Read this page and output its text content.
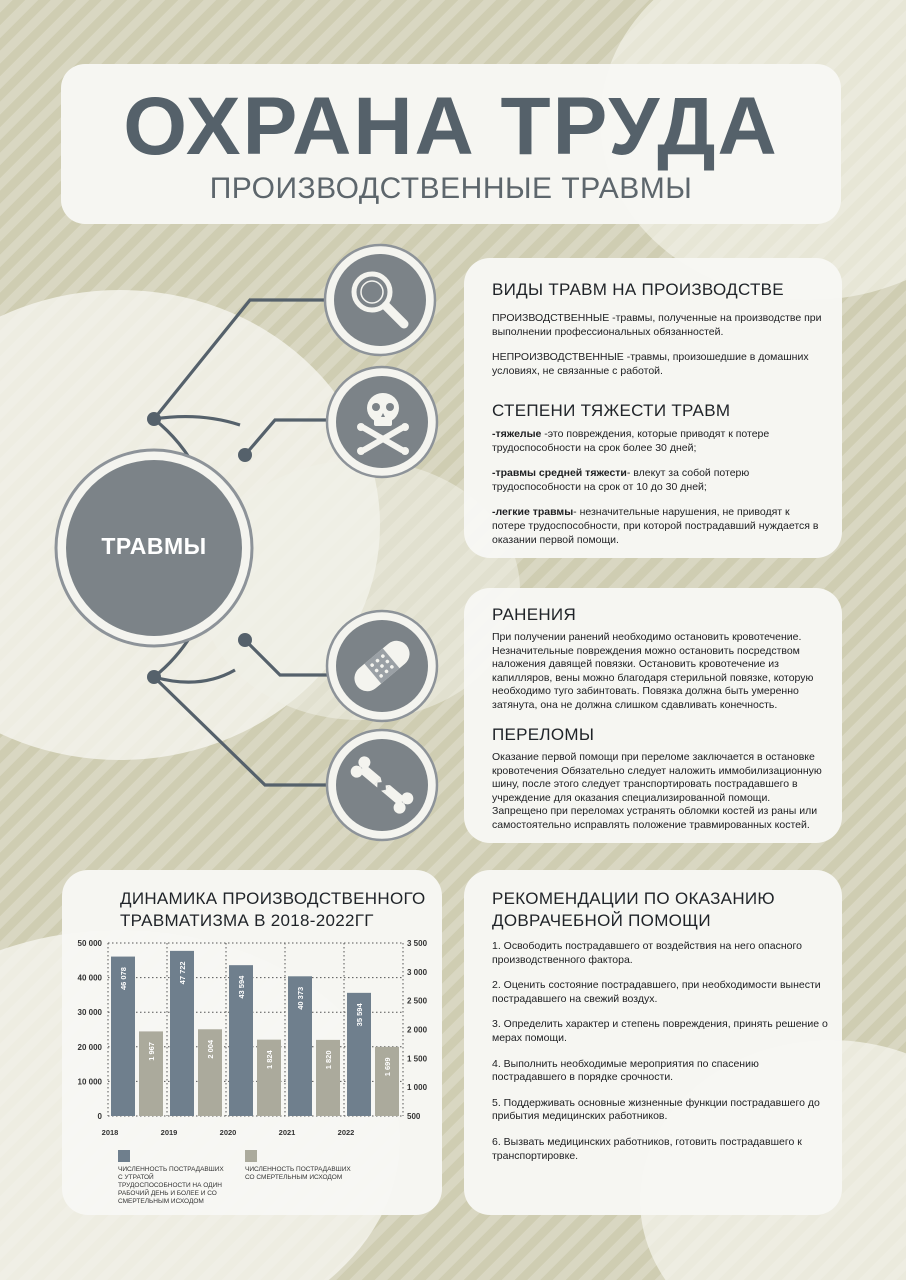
ОХРАНА ТРУДА
ПРОИЗВОДСТВЕННЫЕ ТРАВМЫ
ТРАВМЫ
ВИДЫ ТРАВМ НА ПРОИЗВОДСТВЕ

ПРОИЗВОДСТВЕННЫЕ -травмы, полученные на производстве при выполнении профессиональных обязанностей.

НЕПРОИЗВОДСТВЕННЫЕ -травмы, произошедшие в домашних условиях, не связанные с работой.

СТЕПЕНИ ТЯЖЕСТИ ТРАВМ

-тяжелые -это повреждения, которые приводят к потере трудоспособности на срок более 30 дней;

-травмы средней тяжести- влекут за собой потерю трудоспособности на срок от 10 до 30 дней;

-легкие травмы- незначительные нарушения, не приводят к потере трудоспособности, при которой пострадавший нуждается в оказании первой помощи.

РАНЕНИЯ
При получении ранений необходимо остановить кровотечение. Незначительные повреждения можно остановить посредством наложения давящей повязки. Остановить кровотечение из капилляров, вены можно благодаря стерильной повязке, которую необходимо туго забинтовать. Повязка должна быть умеренно затянута, она не должна слишком сдавливать конечность.
ПЕРЕЛОМЫ
Оказание первой помощи при переломе заключается в остановке кровотечения Обязательно следует наложить иммобилизационную шину, после этого следует транспортировать пострадавшего в учреждение для оказания специализированной помощи. Запрещено при переломах устранять обломки костей из раны или самостоятельно исправлять положение травмированных костей.
ДИНАМИКА ПРОИЗВОДСТВЕННОГО
ТРАВМАТИЗМА В 2018-2022ГГ
0
10 000
20 000
30 000
40 000
50 000
500
1 000
1 500
2 000
2 500
3 000
3 500
46 078
1 967
2018
47 722
2 004
2019
43 594
1 824
2020
40 373
1 820
2021
35 594
1 699
2022
ЧИСЛЕННОСТЬ ПОСТРАДАВШИХ С УТРАТОЙ ТРУДОСПОСОБНОСТИ НА ОДИН РАБОЧИЙ ДЕНЬ И БОЛЕЕ И СО СМЕРТЕЛЬНЫМ ИСХОДОМ
ЧИСЛЕННОСТЬ ПОСТРАДАВШИХ СО СМЕРТЕЛЬНЫМ ИСХОДОМ
РЕКОМЕНДАЦИИ ПО ОКАЗАНИЮ
ДОВРАЧЕБНОЙ ПОМОЩИ

1. Освободить пострадавшего от воздействия на него опасного производственного фактора.

2. Оценить состояние пострадавшего, при необходимости вынести пострадавшего на свежий воздух.

3. Определить характер и степень повреждения, принять решение о мерах помощи.

4. Выполнить необходимые мероприятия по спасению пострадавшего в порядке срочности.

5. Поддерживать основные жизненные функции пострадавшего до прибытия медицинских работников.

6. Вызвать медицинских работников, готовить пострадавшего к транспортировке.
